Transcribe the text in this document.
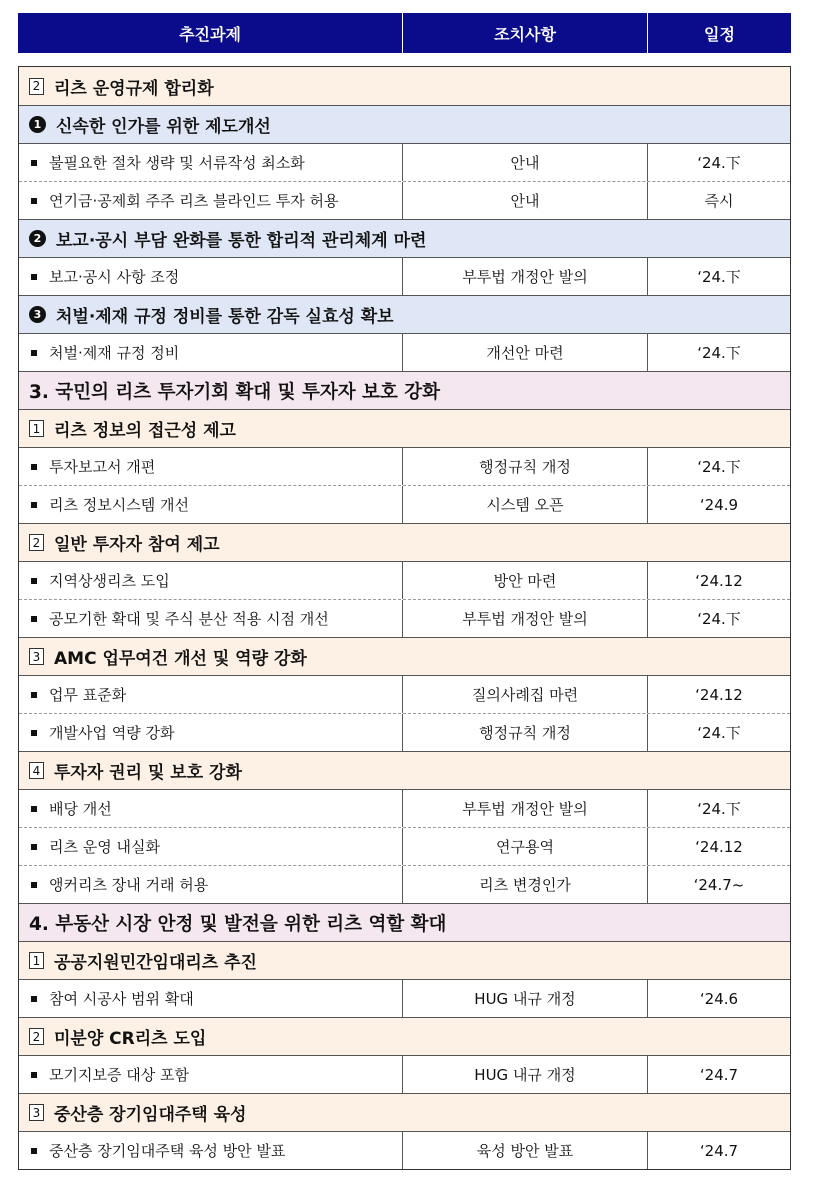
추진과제	조치사항	일정
2 리츠 운영규제 합리화
1 신속한 인가를 위한 제도개선
불필요한 절차 생략 및 서류작성 최소화	안내	‘24.下
연기금·공제회 주주 리츠 블라인드 투자 허용	안내	즉시
2 보고·공시 부담 완화를 통한 합리적 관리체계 마련
보고·공시 사항 조정	부투법 개정안 발의	‘24.下
3 처벌·제재 규정 정비를 통한 감독 실효성 확보
처벌·제재 규정 정비	개선안 마련	‘24.下
3. 국민의 리츠 투자기회 확대 및 투자자 보호 강화
1 리츠 정보의 접근성 제고
투자보고서 개편	행정규칙 개정	‘24.下
리츠 정보시스템 개선	시스템 오픈	‘24.9
2 일반 투자자 참여 제고
지역상생리츠 도입	방안 마련	‘24.12
공모기한 확대 및 주식 분산 적용 시점 개선	부투법 개정안 발의	‘24.下
3 AMC 업무여건 개선 및 역량 강화
업무 표준화	질의사례집 마련	‘24.12
개발사업 역량 강화	행정규칙 개정	‘24.下
4 투자자 권리 및 보호 강화
배당 개선	부투법 개정안 발의	‘24.下
리츠 운영 내실화	연구용역	‘24.12
앵커리츠 장내 거래 허용	리츠 변경인가	‘24.7~
4. 부동산 시장 안정 및 발전을 위한 리츠 역할 확대
1 공공지원민간임대리츠 추진
참여 시공사 범위 확대	HUG 내규 개정	‘24.6
2 미분양 CR리츠 도입
모기지보증 대상 포함	HUG 내규 개정	‘24.7
3 중산층 장기임대주택 육성
중산층 장기임대주택 육성 방안 발표	육성 방안 발표	‘24.7
